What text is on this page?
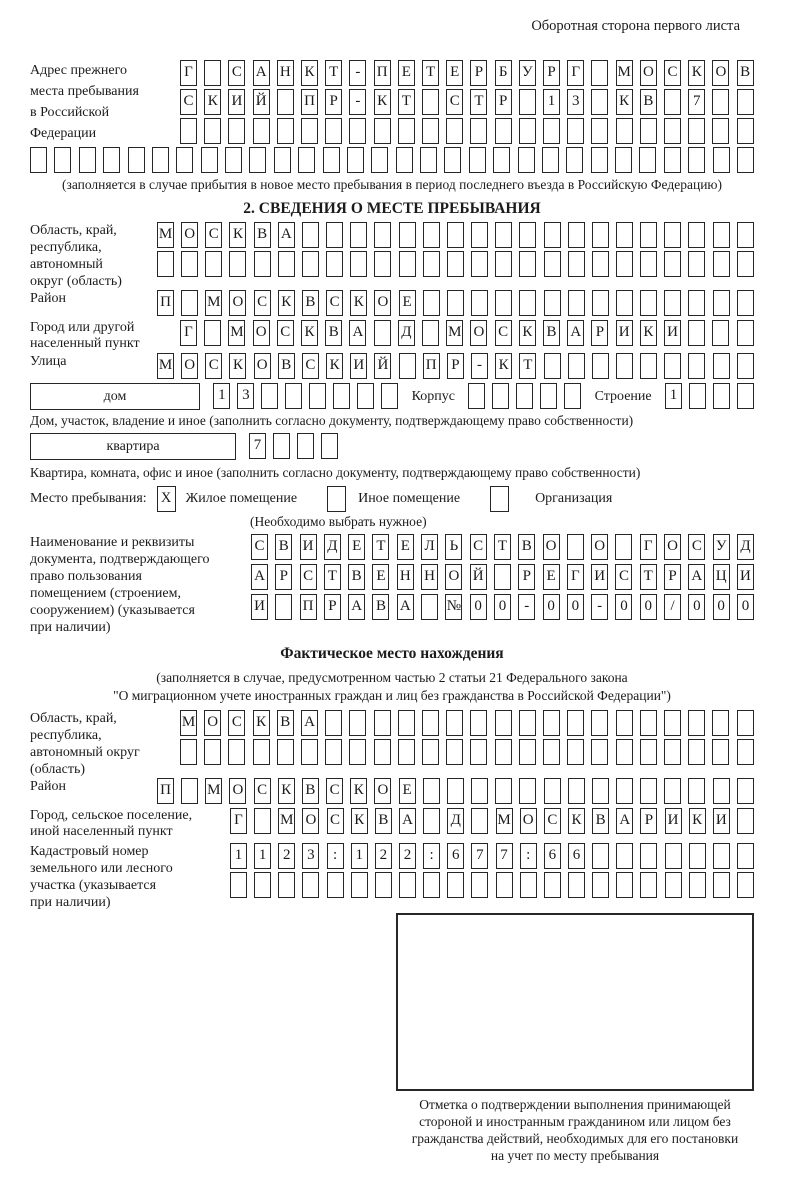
Оборотная сторона первого листа
Адрес прежнего
места пребывания
в Российской
Федерации
Г	С А Н К Т	-	П Е Т Е Р Б У Р Г М О С К О В
С К И Й	П Р	-	К Т	С Т Р	1	3	К В	7
(заполняется в случае прибытия в новое место пребывания в период последнего въезда в Российскую Федерацию)
2. СВЕДЕНИЯ О МЕСТЕ ПРЕБЫВАНИЯ
Область, край,
республика,
автономный
округ (область)
М О С К В А
Район	П М О С К В С К О Е
Город или другой
населенный пункт
Г М О С К В А	Д М О С К В А Р И К И
Улица	М О С К О В С К И Й П Р	-	К Т
дом	1	3	Корпус	Строение	1
Дом, участок, владение и иное (заполнить согласно документу, подтверждающему право собственности)
квартира	7
Квартира, комната, офис и иное (заполнить согласно документу, подтверждающему право собственности)
Место пребывания: X	Жилое помещение	Иное помещение	Организация
(Необходимо выбрать нужное)
Наименование и реквизиты
документа, подтверждающего
право пользования
помещением (строением,
сооружением) (указывается
при наличии)
С В И Д Е Т Е Л Ь С Т В О	О	Г О С У Д
А Р С Т В Е Н Н О Й	Р Е Г И С Т Р А Ц И
И	П Р А В А № 0	0	-	0	0	-	0	0	/	0	0	0
Фактическое место нахождения
(заполняется в случае, предусмотренном частью 2 статьи 21 Федерального закона
"О миграционном учете иностранных граждан и лиц без гражданства в Российской Федерации")
Область, край,
республика,
автономный округ
(область)
М О С К В А
Район	П М О С К В С К О Е
Город, сельское поселение,
иной населенный пункт
Г М О С К В А	Д М О С К В А Р И К И
Кадастровый номер
земельного или лесного
участка (указывается
при наличии)
1	1	2	3	:	1	2	2	:	6	7	7	:	6	6
Отметка о подтверждении выполнения принимающей
стороной и иностранным гражданином или лицом без
гражданства действий, необходимых для его постановки
на учет по месту пребывания
